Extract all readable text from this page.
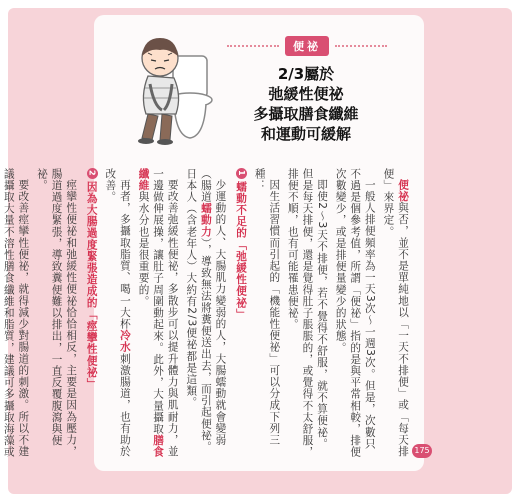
便祕
2/3屬於
弛緩性便祕
多攝取膳食纖維
和運動可緩解

便祕與否，並不是單純地以「一天不排便」或「每天排便」來界定。

一般人排便頻率為一天3次～一週3次。但是，次數只不過是個參考值，所謂「便祕」指的是與平常相較，排便次數變少，或是排便量變少的狀態。

即使2～3天不排便，若不覺得不舒服，就不算便祕。但是每天排便，還是覺得肚子脹脹的，或覺得不太舒服，排便不順，也有可能罹患便祕。

因生活習慣而引起的「機能性便祕」可以分成下列三種：

1蠕動不足的「弛緩性便祕」

少運動的人、大腸肌力變弱的人，大腸蠕動就會變弱（腸道蠕動力），導致無法將糞便送出去，而引起便祕。日本人（含老年人）大約有2/3便祕都是這類。

要改善弛緩性便祕，多散步可以提升體力與肌耐力，並一邊做伸展操，讓肚子周圍動起來。此外，大量攝取膳食纖維與水分也是很重要的。

再者，多攝取脂質、喝一大杯冷水刺激腸道，也有助於改善。

2因為大腸過度緊張造成的「痙攣性便祕」

痙攣性便祕和弛緩性便祕恰恰相反，主要是因為壓力，腸道過度緊張，導致糞便難以排出，一直反覆腹瀉與便祕。

要改善痙攣性便祕，就得減少對腸道的刺激。所以不建議攝取大量不溶性膳食纖維和脂質，建議可多攝取海藻或	175
